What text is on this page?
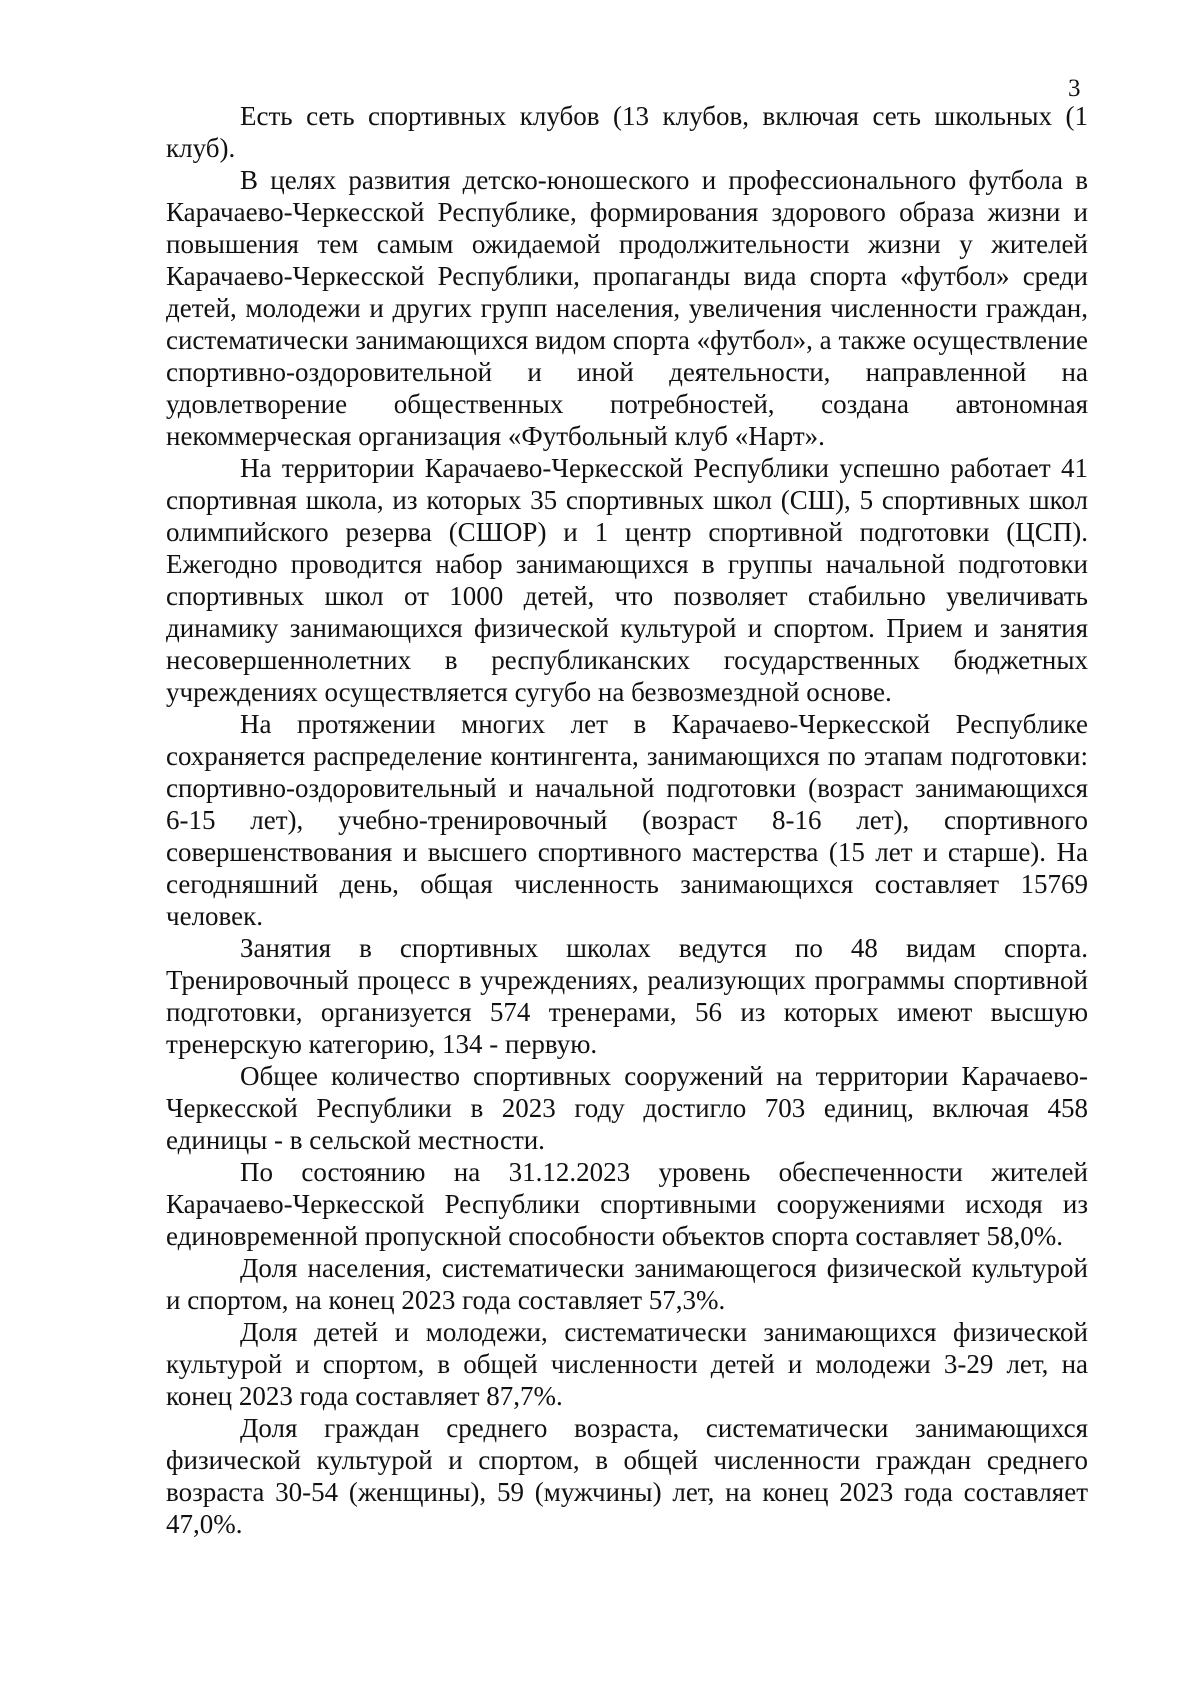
3

Есть сеть спортивных клубов (13 клубов, включая сеть школьных (1 клуб).

В целях развития детско-юношеского и профессионального футбола в Карачаево-Черкесской Республике, формирования здорового образа жизни и повышения тем самым ожидаемой продолжительности жизни у жителей Карачаево-Черкесской Республики, пропаганды вида спорта «футбол» среди детей, молодежи и других групп населения, увеличения численности граждан, систематически занимающихся видом спорта «футбол», а также осуществление спортивно-оздоровительной и иной деятельности, направленной на удовлетворение общественных потребностей, создана автономная некоммерческая организация «Футбольный клуб «Нарт».

На территории Карачаево-Черкесской Республики успешно работает 41 спортивная школа, из которых 35 спортивных школ (СШ), 5 спортивных школ олимпийского резерва (СШОР) и 1 центр спортивной подготовки (ЦСП). Ежегодно проводится набор занимающихся в группы начальной подготовки спортивных школ от 1000 детей, что позволяет стабильно увеличивать динамику занимающихся физической культурой и спортом. Прием и занятия несовершеннолетних в республиканских государственных бюджетных учреждениях осуществляется сугубо на безвозмездной основе.

На протяжении многих лет в Карачаево-Черкесской Республике сохраняется распределение контингента, занимающихся по этапам подготовки: спортивно-оздоровительный и начальной подготовки (возраст занимающихся 6-15 лет), учебно-тренировочный (возраст 8-16 лет), спортивного совершенствования и высшего спортивного мастерства (15 лет и старше). На сегодняшний день, общая численность занимающихся составляет 15769 человек.

Занятия в спортивных школах ведутся по 48 видам спорта. Тренировочный процесс в учреждениях, реализующих программы спортивной подготовки, организуется 574 тренерами, 56 из которых имеют высшую тренерскую категорию, 134 - первую.

Общее количество спортивных сооружений на территории Карачаево-Черкесской Республики в 2023 году достигло 703 единиц, включая 458 единицы - в сельской местности.

По состоянию на 31.12.2023 уровень обеспеченности жителей Карачаево-Черкесской Республики спортивными сооружениями исходя из единовременной пропускной способности объектов спорта составляет 58,0%.

Доля населения, систематически занимающегося физической культурой и спортом, на конец 2023 года составляет 57,3%.

Доля детей и молодежи, систематически занимающихся физической культурой и спортом, в общей численности детей и молодежи 3-29 лет, на конец 2023 года составляет 87,7%.

Доля граждан среднего возраста, систематически занимающихся физической культурой и спортом, в общей численности граждан среднего возраста 30-54 (женщины), 59 (мужчины) лет, на конец 2023 года составляет 47,0%.
